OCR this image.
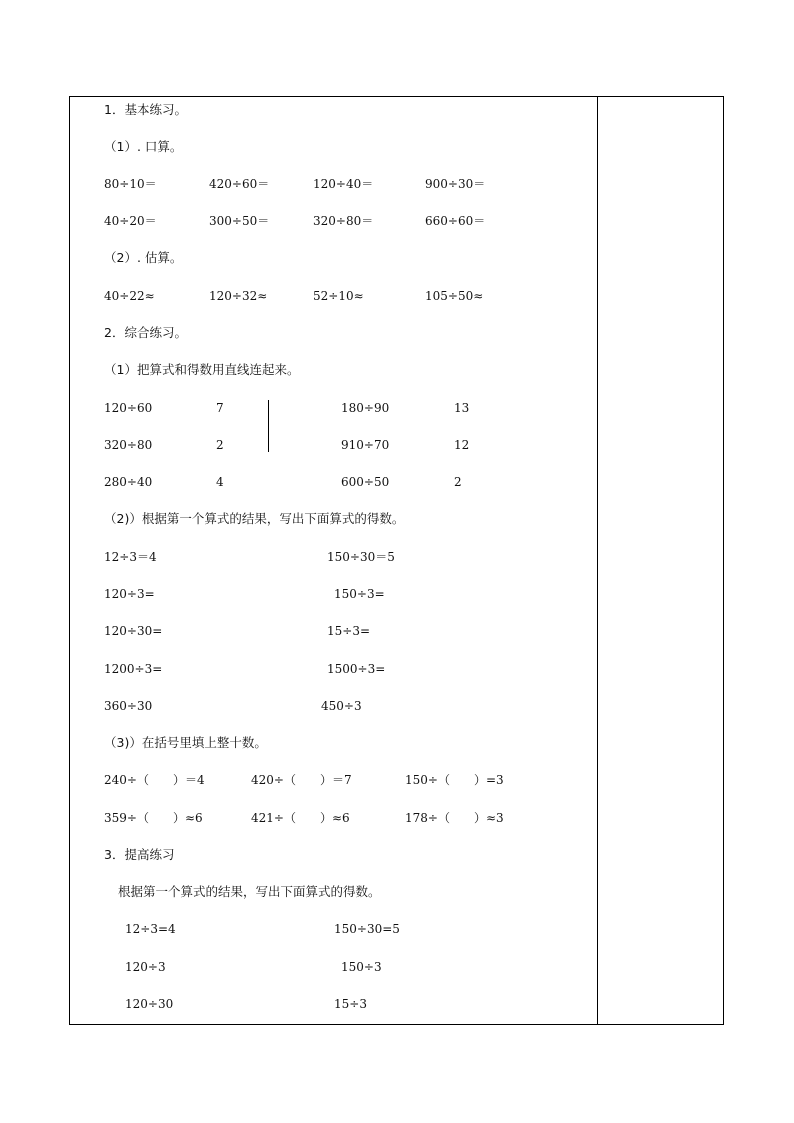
1．基本练习。
（1）. 口算。
80÷10＝	420÷60＝	120÷40＝	900÷30＝
40÷20＝	300÷50＝	320÷80＝	660÷60＝
（2）. 估算。
40÷22≈	120÷32≈	52÷10≈	105÷50≈
2．综合练习。
（1）把算式和得数用直线连起来。
120÷60	7	180÷90	13
320÷80	2	910÷70	12
280÷40	4	600÷50	2
（2)）根据第一个算式的结果，写出下面算式的得数。
12÷3＝4	150÷30＝5
120÷3=	150÷3=
120÷30=	15÷3=
1200÷3=	1500÷3=
360÷30	450÷3
（3)）在括号里填上整十数。
240÷（　　）＝4	420÷（　　）＝7	150÷（　　）=3
359÷（　　）≈6	421÷（　　）≈6	178÷（　　）≈3
3．提高练习
根据第一个算式的结果，写出下面算式的得数。
12÷3=4	150÷30=5
120÷3	150÷3
120÷30	15÷3
